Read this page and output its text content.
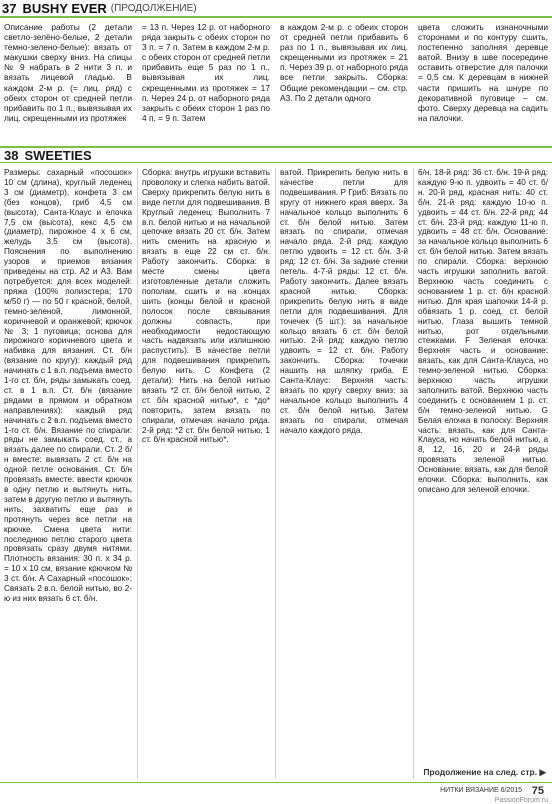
37 BUSHY EVER (ПРОДОЛЖЕНИЕ)
Описание работы (2 детали светло-зелёно-белые, 2 детали темно-зелено-белые): вязать от макушки сверху вниз. На спицы № 9 набрать в 2 нити 3 п. и вязать лицевой гладью. В каждом 2-м р. (= лиц. ряд) с обеих сторон от средней петли прибавить по 1 п., вывязывая их лиц. скрещенными из протяжек
= 13 п. Через 12 р. от наборного ряда закрыть с обеих сторон по 3 п. = 7 п. Затем в каждом 2-м р. с обеих сторон от средней петли прибавить еще 5 раз по 1 п., вывязывая их лиц. скрещенными из протяжек = 17 п. Через 24 р. от наборного ряда закрыть с обеих сторон 1 раз по 4 п. = 9 п. Затем
в каждом 2-м р. с обеих сторон от средней петли прибавить 6 раз по 1 п., вывязывая их лиц. скрещенными из протяжек = 21 п. Через 39 р. от наборного ряда все петли закрыть. Сборка: Общие рекомендации – см. стр. А3. По 2 детали одного
цвета сложить изнаночными сторонами и по контуру сшить, постепенно заполняя деревце ватой. Внизу в шве посередине оставить отверстие для палочки = 0,5 см. К деревцам в нижней части пришить на шнуре по декоративной пуговице – см. фото. Сверху деревца на садить на палочки.
38 SWEETIES
Размеры: сахарный «посошок» 10 см (длина), круглый леденец 3 см (диаметр), конфета 3 см (без концов), гриб 4,5 см (высота), Санта-Клаус и елочка 7,5 см (высота), кекс 4,5 см (диаметр), пирожное 4 x 6 см, желудь 3,5 см (высота). Пояснения по выполнению узоров и приемов вязания приведены на стр. А2 и А3. Вам потребуется: для всех моделей: пряжа (100% полиэстера; 170 м/50 г) — по 50 г красной, белой, темно-зеленой, лимонной, коричневой и оранжевой; крючок № 3; 1 пуговица; основа для пирожного коричневого цвета и набивка для вязания. Ст. б/н (вязание по кругу): каждый ряд начинать с 1 в.п. подъема вместо 1-го ст. б/н, ряды замыкать соед. ст. в 1 в.п. Ст. б/н (вязание рядами в прямом и обратном направлениях): каждый ряд начинать с 2 в.п. подъема вместо 1-го ст. б/н. Вязание по спирали: ряды не замыкать соед. ст., а вязать далее по спирали. Ст. 2 б/н вместе: вывязать 2 ст. б/н на одной петле основания. Ст. б/н провязать вместе: ввести крючок в одну петлю и вытянуть нить, затем в другую петлю и вытянуть нить, захватить еще раз и протянуть через все петли на крючке. Смена цвета нити: последнюю петлю старого цвета провязать сразу двумя нитями. Плотность вязания: 30 п. x 34 р. = 10 x 10 см, вязание крючком № 3 ст. б/н. А Сахарный «посошок»: Связать 2 в.п. белой нитью, во 2-ю из них вязать 6 ст. б/н.
Сборка: внутрь игрушки вставить проволоку и слегка набить ватой. Сверху прикрепить белую нить в виде петли для подвешивания. В Круглый леденец: Выполнить 7 в.п. белой нитью и на начальной цепочке вязать 20 ст. б/н. Затем нить сменить на красную и вязать в еще 22 см ст. б/н. Работу закончить. Сборка: в месте смены цвета изготовленные детали сложить пополам, сшить и на концах шить (концы белой и красной полосок после связывания должны совпасть, при необходимости недостающую часть надвязать или излишнюю распустить). В качестве петли для подвешивания прикрепить белую нить. С Конфета (2 детали): Нить на белой нитью вязать *2 ст. б/н белой нитью, 2 ст. б/н красной нитью*, с *до* повторить, затем вязать по спирали, отмечая начало ряда. 2-й ряд: *2 ст. б/н белой нитью, 1 ст. б/н красной нитью*.
ватой. Прикрепить белую нить в качестве петли для подвешивания. Р Гриб: Вязать по кругу от нижнего края вверх. За начальное кольцо выполнить 6 ст. б/н белой нитью. Затем вязать по спирали, отмечая начало ряда. 2-й ряд: каждую петлю удвоить = 12 ст. б/н. 3-й ряд: 12 ст. б/н. За задние стенки петель. 4-7-й ряды: 12 ст. б/н. Работу закончить. Далее вязать красной нитью. Сборка: прикрепить белую нить в виде петли для подвешивания. Для точечек (5 шт.): за начальное кольцо вязать 6 ст. б/н белой нитью. 2-й ряд: каждую петлю удвоить = 12 ст. б/н. Работу закончить. Сборка: точечки нашить на шляпку гриба. Е Санта-Клаус: Верхняя часть: вязать по кругу сверху вниз: за начальное кольцо выполнить 4 ст. б/н белой нитью. Затем вязать по спирали, отмечая начало каждого ряда.
6/н. 18-й ряд: 36 ст. б/н. 19-й ряд: каждую 9-ю п. удвоить = 40 ст. б/н. 20-й ряд, красная нить: 40 ст. б/н. 21-й ряд: каждую 10-ю п. удвоить = 44 ст. б/н. 22-й ряд: 44 ст. б/н. 23-й ряд: каждую 11-ю п. удвоить = 48 ст. б/н. Основание: за начальное кольцо выполнить 6 ст. б/н белой нитью. Затем вязать по спирали. Сборка: верхнюю часть игрушки заполнить ватой. Верхнюю часть соединить с основанием 1 р. ст. б/н красной нитью. Для края шапочки 14-й р. обвязать 1 р. соед. ст. белой нитью. Глаза вышить темной нитью, рот отдельными стежками. F Зеленая елочка: Верхняя часть и основание: вязать, как для Санта-Клауса, но темно-зеленой нитью. Сборка: верхнюю часть игрушки заполнить ватой. Верхнюю часть соединить с основанием 1 р. ст. б/н темно-зеленой нитью. G Белая елочка в полоску: Верхняя часть: вязать, как для Санта-Клауса, но начать белой нитью, а 8, 12, 16, 20 и 24-й ряды провязать зеленой нитью. Основание: вязать, как для белой елочки. Сборка: выполнить, как описано для зеленой елочки.
Продолжение на след. стр. ▶
НИТКИ ВЯЗАНИЕ 6/2015 75
PassionForum.ru
